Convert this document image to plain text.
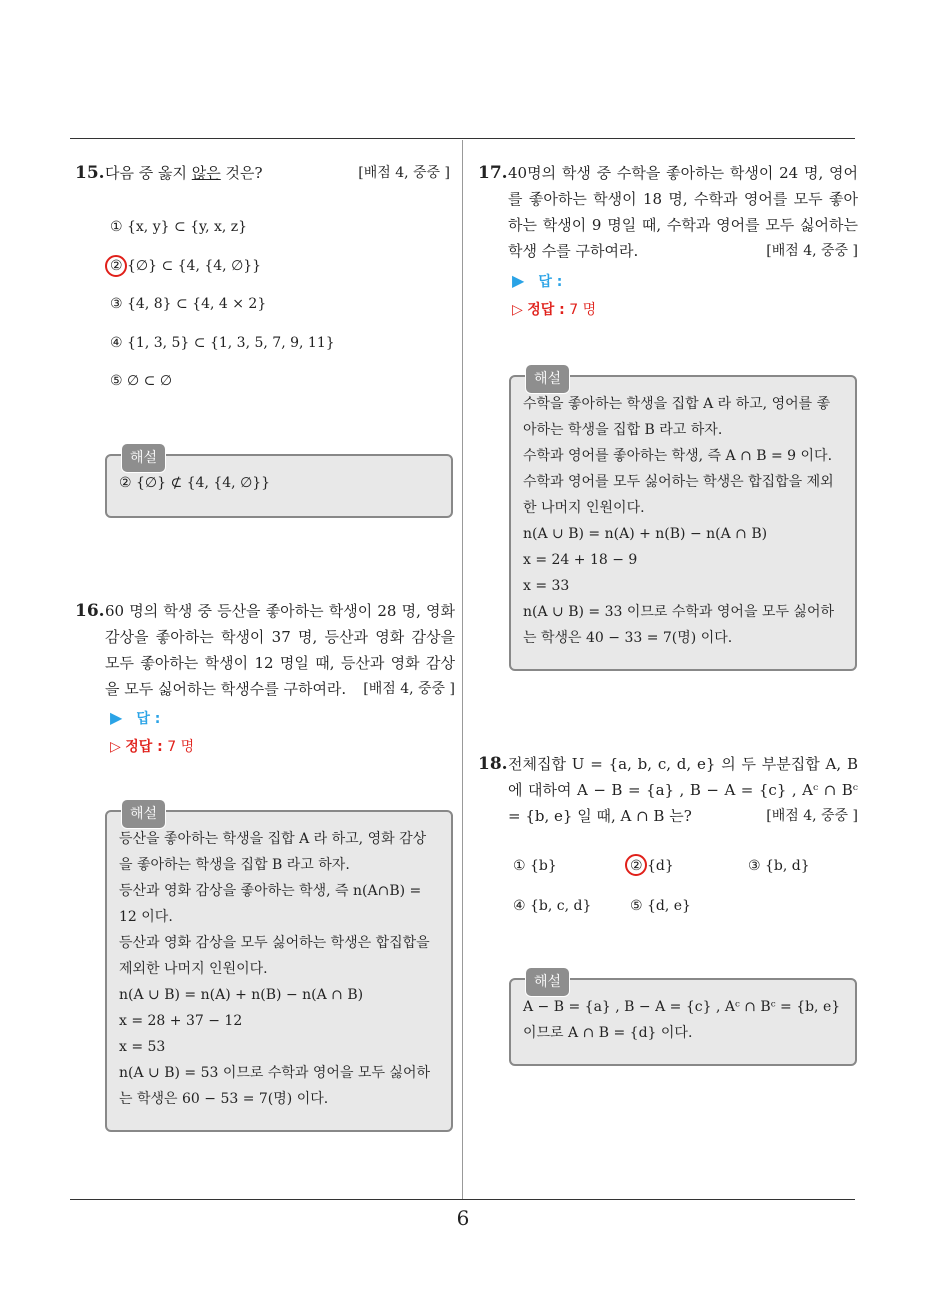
15. 다음 중 옳지 않은 것은?	[배점 4, 중중 ]
① {x, y} ⊂ {y, x, z}
② {∅} ⊂ {4, {4, ∅}}
③ {4, 8} ⊂ {4, 4 × 2}
④ {1, 3, 5} ⊂ {1, 3, 5, 7, 9, 11}
⑤ ∅ ⊂ ∅
해설
② {∅} ⊄ {4, {4, ∅}}
16. 60 명의 학생 중 등산을 좋아하는 학생이 28 명, 영화 감상을 좋아하는 학생이 37 명, 등산과 영화 감상을 모두 좋아하는 학생이 12 명일 때, 등산과 영화 감상을 모두 싫어하는 학생수를 구하여라. [배점 4, 중중 ]
▶ 답 :
▷ 정답 : 7 명
해설
등산을 좋아하는 학생을 집합 A 라 하고, 영화 감상을 좋아하는 학생을 집합 B 라고 하자.
등산과 영화 감상을 좋아하는 학생, 즉 n(A∩B) = 12 이다.
등산과 영화 감상을 모두 싫어하는 학생은 합집합을 제외한 나머지 인원이다.
n(A ∪ B) = n(A) + n(B) − n(A ∩ B)
x = 28 + 37 − 12
x = 53
n(A ∪ B) = 53 이므로 수학과 영어을 모두 싫어하는 학생은 60 − 53 = 7(명) 이다.
17. 40명의 학생 중 수학을 좋아하는 학생이 24 명, 영어를 좋아하는 학생이 18 명, 수학과 영어를 모두 좋아하는 학생이 9 명일 때, 수학과 영어를 모두 싫어하는 학생 수를 구하여라.	[배점 4, 중중 ]
▶ 답 :
▷ 정답 : 7 명
해설
수학을 좋아하는 학생을 집합 A 라 하고, 영어를 좋아하는 학생을 집합 B 라고 하자.
수학과 영어를 좋아하는 학생, 즉 A ∩ B = 9 이다.
수학과 영어를 모두 싫어하는 학생은 합집합을 제외한 나머지 인원이다.
n(A ∪ B) = n(A) + n(B) − n(A ∩ B)
x = 24 + 18 − 9
x = 33
n(A ∪ B) = 33 이므로 수학과 영어을 모두 싫어하는 학생은 40 − 33 = 7(명) 이다.
18. 전체집합 U = {a, b, c, d, e} 의 두 부분집합 A, B 에 대하여 A − B = {a} , B − A = {c} , Aᶜ ∩ Bᶜ = {b, e} 일 때, A ∩ B 는?	[배점 4, 중중 ]
① {b}	② {d}	③ {b, d}
④ {b, c, d}	⑤ {d, e}
해설
A − B = {a} , B − A = {c} , Aᶜ ∩ Bᶜ = {b, e} 이므로 A ∩ B = {d} 이다.
6
